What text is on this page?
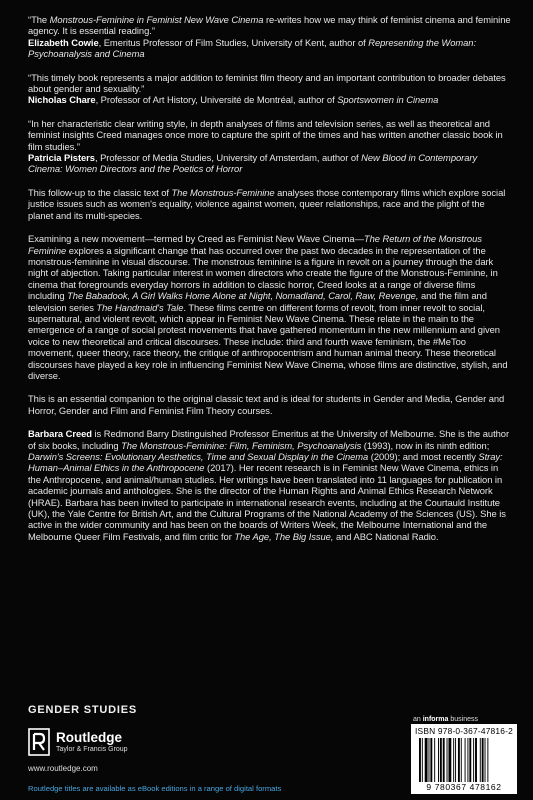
“The Monstrous-Feminine in Feminist New Wave Cinema re-writes how we may think of feminist cinema and feminine agency. It is essential reading.”

Elizabeth Cowie, Emeritus Professor of Film Studies, University of Kent, author of Representing the Woman: Psychoanalysis and Cinema

“This timely book represents a major addition to feminist film theory and an important contribution to broader debates about gender and sexuality.”

Nicholas Chare, Professor of Art History, Université de Montréal, author of Sportswomen in Cinema

“In her characteristic clear writing style, in depth analyses of films and television series, as well as theoretical and feminist insights Creed manages once more to capture the spirit of the times and has written another classic book in film studies.”

Patricia Pisters, Professor of Media Studies, University of Amsterdam, author of New Blood in Contemporary Cinema: Women Directors and the Poetics of Horror

This follow-up to the classic text of The Monstrous-Feminine analyses those contemporary films which explore social justice issues such as women's equality, violence against women, queer relationships, race and the plight of the planet and its multi-species.

Examining a new movement—termed by Creed as Feminist New Wave Cinema—The Return of the Monstrous Feminine explores a significant change that has occurred over the past two decades in the representation of the monstrous-feminine in visual discourse. The monstrous feminine is a figure in revolt on a journey through the dark night of abjection. Taking particular interest in women directors who create the figure of the Monstrous-Feminine, in cinema that foregrounds everyday horrors in addition to classic horror, Creed looks at a range of diverse films including The Babadook, A Girl Walks Home Alone at Night, Nomadland, Carol, Raw, Revenge, and the film and television series The Handmaid's Tale. These films centre on different forms of revolt, from inner revolt to social, supernatural, and violent revolt, which appear in Feminist New Wave Cinema. These relate in the main to the emergence of a range of social protest movements that have gathered momentum in the new millennium and given voice to new theoretical and critical discourses. These include: third and fourth wave feminism, the #MeToo movement, queer theory, race theory, the critique of anthropocentrism and human animal theory. These theoretical discourses have played a key role in influencing Feminist New Wave Cinema, whose films are distinctive, stylish, and diverse.

This is an essential companion to the original classic text and is ideal for students in Gender and Media, Gender and Horror, Gender and Film and Feminist Film Theory courses.

Barbara Creed is Redmond Barry Distinguished Professor Emeritus at the University of Melbourne. She is the author of six books, including The Monstrous-Feminine: Film, Feminism, Psychoanalysis (1993), now in its ninth edition; Darwin's Screens: Evolutionary Aesthetics, Time and Sexual Display in the Cinema (2009); and most recently Stray: Human–Animal Ethics in the Anthropocene (2017). Her recent research is in Feminist New Wave Cinema, ethics in the Anthropocene, and animal/human studies. Her writings have been translated into 11 languages for publication in academic journals and anthologies. She is the director of the Human Rights and Animal Ethics Research Network (HRAE). Barbara has been invited to participate in international research events, including at the Courtauld Institute (UK), the Yale Centre for British Art, and the Cultural Programs of the National Academy of the Sciences (US). She is active in the wider community and has been on the boards of Writers Week, the Melbourne International and the Melbourne Queer Film Festivals, and film critic for The Age, The Big Issue, and ABC National Radio.

GENDER STUDIES
Routledge
Taylor & Francis Group
www.routledge.com
Routledge titles are available as eBook editions in a range of digital formats
an informa business
ISBN 978-0-367-47816-2
9 780367 478162
